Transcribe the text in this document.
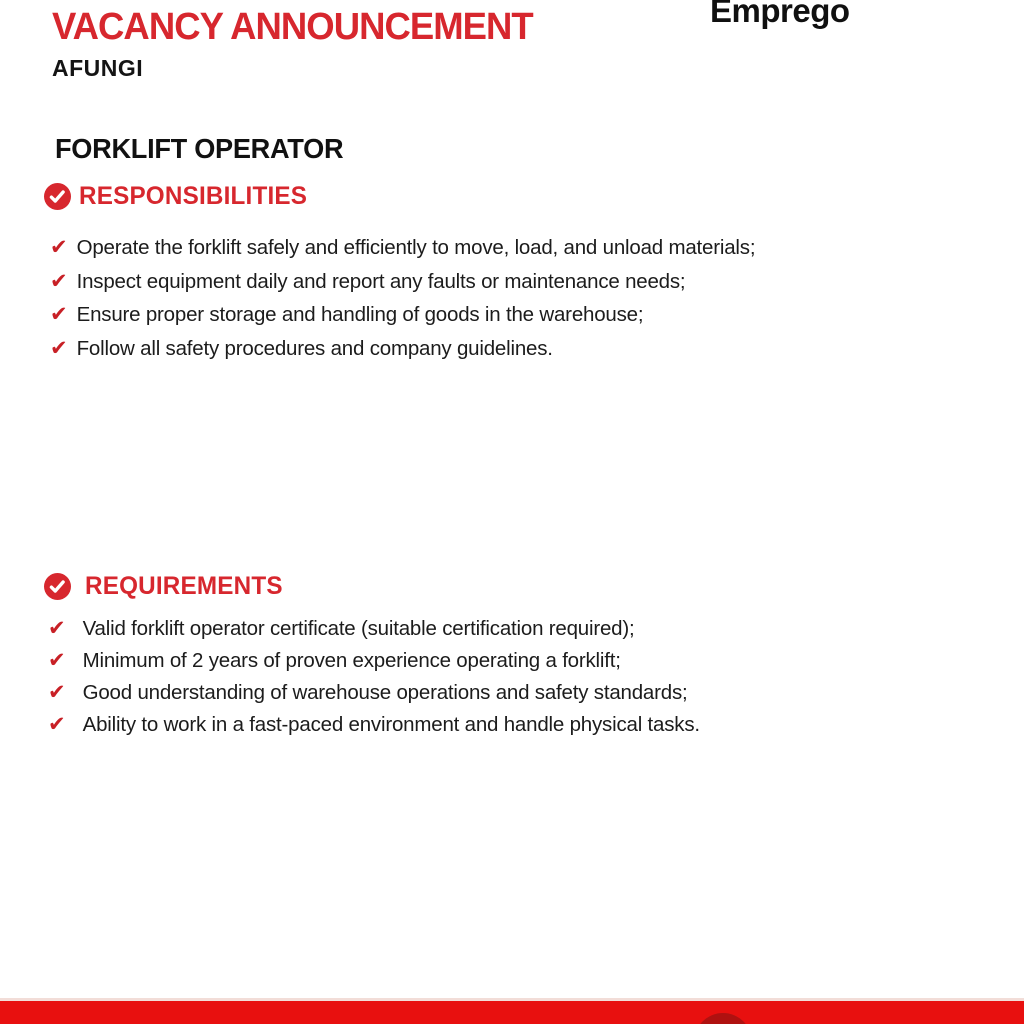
VACANCY ANNOUNCEMENT
AFUNGI
Emprego
FORKLIFT OPERATOR
RESPONSIBILITIES
✔ Operate the forklift safely and efficiently to move, load, and unload materials;
✔ Inspect equipment daily and report any faults or maintenance needs;
✔ Ensure proper storage and handling of goods in the warehouse;
✔ Follow all safety procedures and company guidelines.
REQUIREMENTS
✔ Valid forklift operator certificate (suitable certification required);
✔ Minimum of 2 years of proven experience operating a forklift;
✔ Good understanding of warehouse operations and safety standards;
✔ Ability to work in a fast-paced environment and handle physical tasks.
